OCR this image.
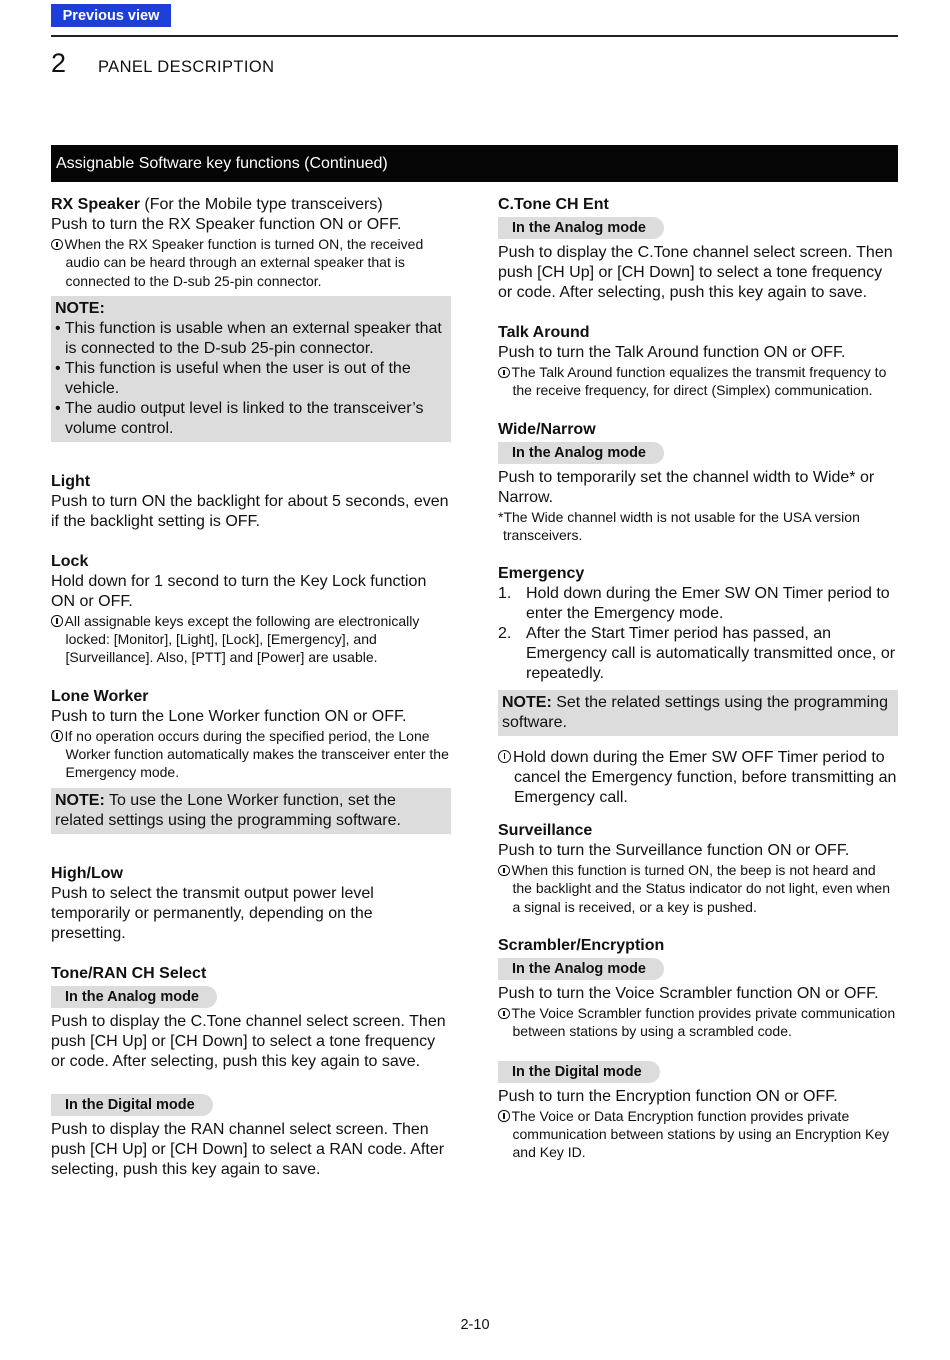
Previous view
2 PANEL DESCRIPTION
Assignable Software key functions (Continued)
RX Speaker (For the Mobile type transceivers)

Push to turn the RX Speaker function ON or OFF.

When the RX Speaker function is turned ON, the received audio can be heard through an external speaker that is connected to the D-sub 25-pin connector.

NOTE:
• This function is usable when an external speaker that is connected to the D-sub 25-pin connector.
• This function is useful when the user is out of the vehicle.
• The audio output level is linked to the transceiver’s volume control.
Light

Push to turn ON the backlight for about 5 seconds, even if the backlight setting is OFF.

Lock

Hold down for 1 second to turn the Key Lock function ON or OFF.

All assignable keys except the following are electronically locked: [Monitor], [Light], [Lock], [Emergency], and [Surveillance]. Also, [PTT] and [Power] are usable.

Lone Worker

Push to turn the Lone Worker function ON or OFF.

If no operation occurs during the specified period, the Lone Worker function automatically makes the transceiver enter the Emergency mode.

NOTE: To use the Lone Worker function, set the related settings using the programming software.
High/Low

Push to select the transmit output power level temporarily or permanently, depending on the presetting.

Tone/RAN CH Select
In the Analog mode

Push to display the C.Tone channel select screen. Then push [CH Up] or [CH Down] to select a tone frequency or code. After selecting, push this key again to save.

In the Digital mode

Push to display the RAN channel select screen. Then push [CH Up] or [CH Down] to select a RAN code. After selecting, push this key again to save.

C.Tone CH Ent
In the Analog mode

Push to display the C.Tone channel select screen. Then push [CH Up] or [CH Down] to select a tone frequency or code. After selecting, push this key again to save.

Talk Around

Push to turn the Talk Around function ON or OFF.

The Talk Around function equalizes the transmit frequency to the receive frequency, for direct (Simplex) communication.

Wide/Narrow
In the Analog mode

Push to temporarily set the channel width to Wide* or Narrow.

*The Wide channel width is not usable for the USA version transceivers.

Emergency
1. Hold down during the Emer SW ON Timer period to enter the Emergency mode.
2. After the Start Timer period has passed, an Emergency call is automatically transmitted once, or repeatedly.
NOTE: Set the related settings using the programming software.

Hold down during the Emer SW OFF Timer period to cancel the Emergency function, before transmitting an Emergency call.

Surveillance

Push to turn the Surveillance function ON or OFF.

When this function is turned ON, the beep is not heard and the backlight and the Status indicator do not light, even when a signal is received, or a key is pushed.

Scrambler/Encryption
In the Analog mode

Push to turn the Voice Scrambler function ON or OFF.

The Voice Scrambler function provides private communication between stations by using a scrambled code.

In the Digital mode

Push to turn the Encryption function ON or OFF.

The Voice or Data Encryption function provides private communication between stations by using an Encryption Key and Key ID.

2-10
